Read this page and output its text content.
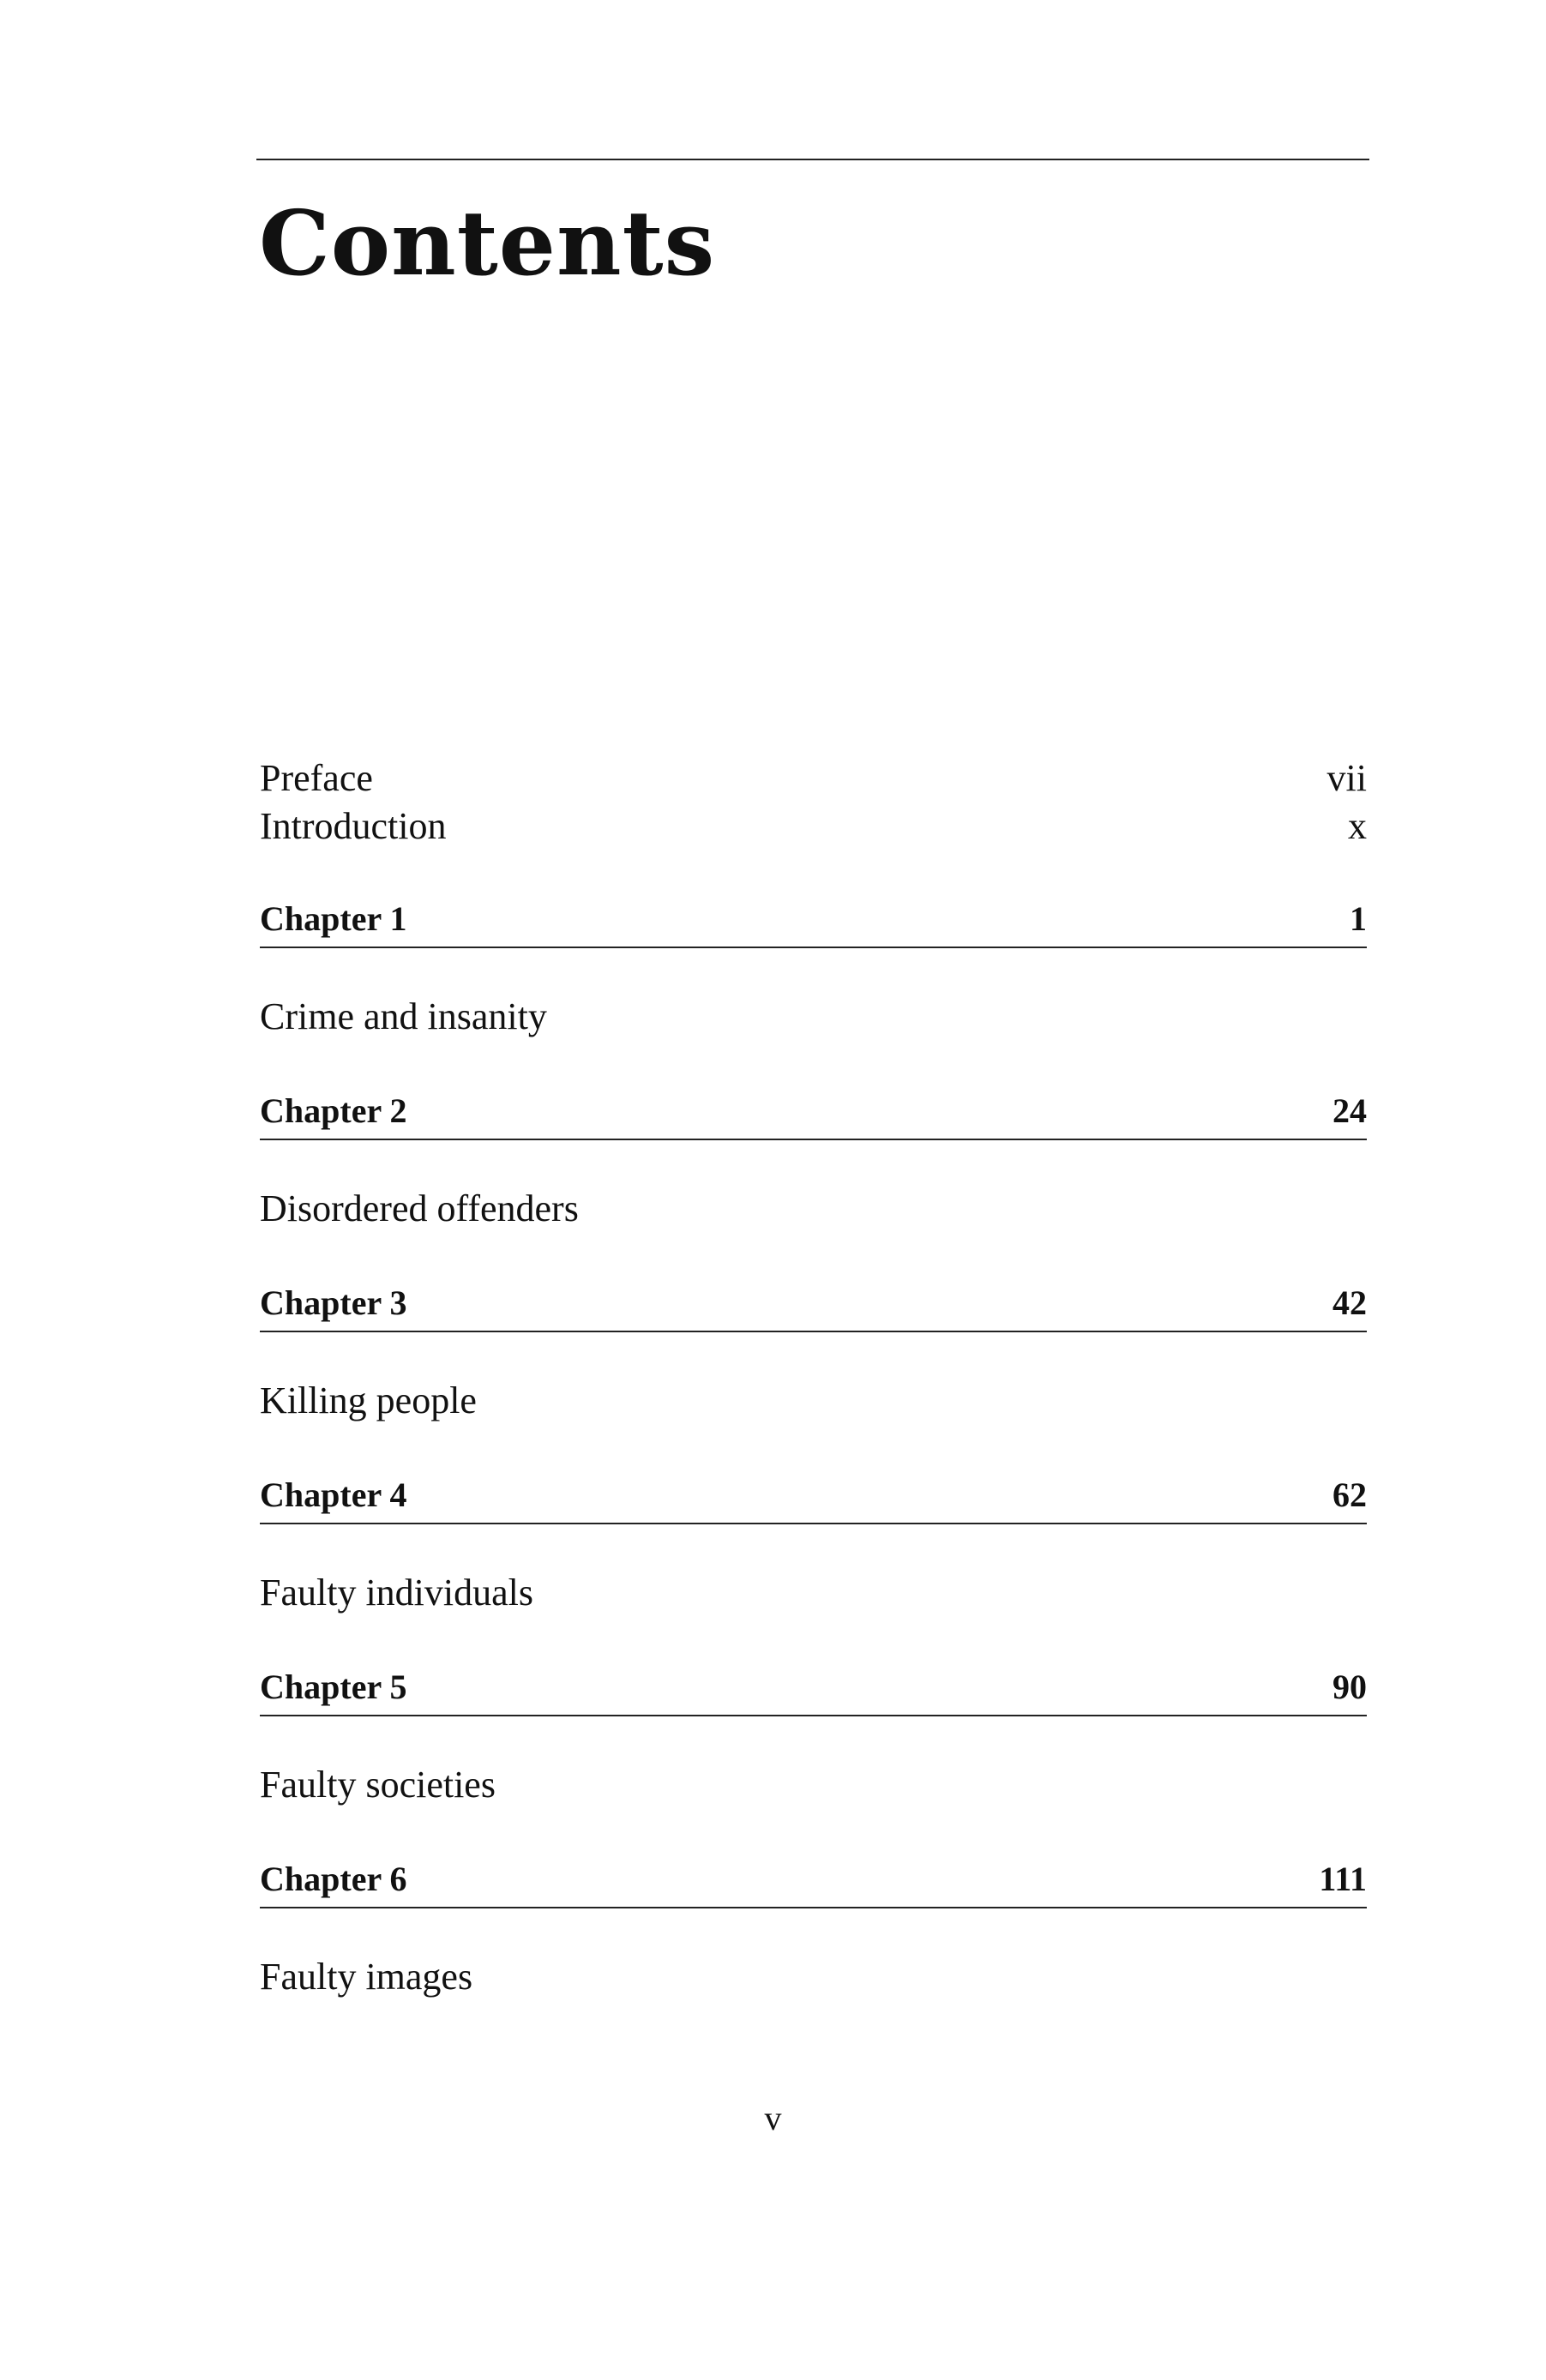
Contents
Preface	vii
Introduction	x
Chapter 1	1
Crime and insanity
Chapter 2	24
Disordered offenders
Chapter 3	42
Killing people
Chapter 4	62
Faulty individuals
Chapter 5	90
Faulty societies
Chapter 6	111
Faulty images
v
